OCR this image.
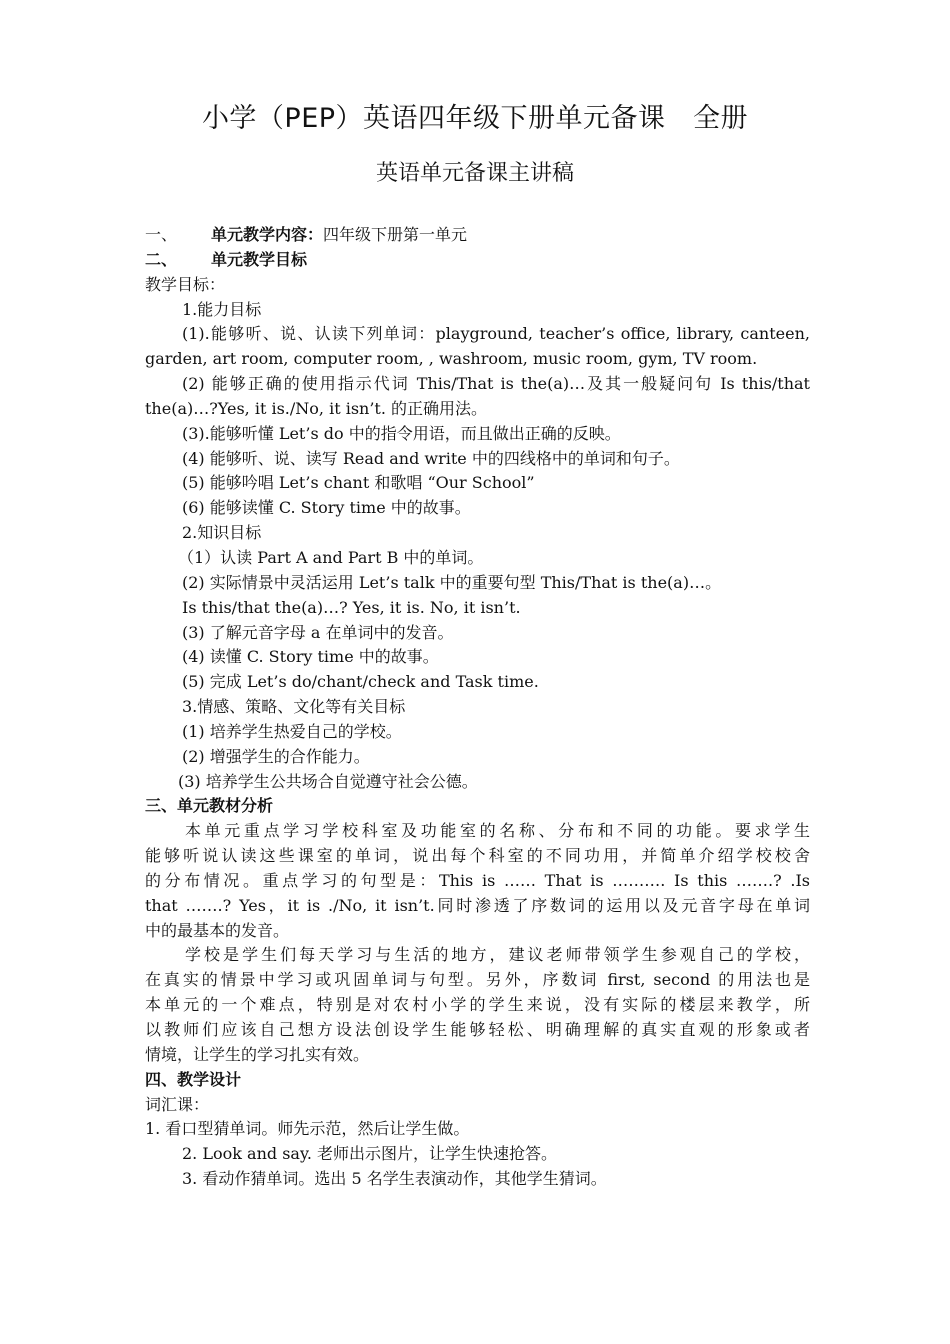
小学（PEP）英语四年级下册单元备课　全册
英语单元备课主讲稿
一、 单元教学内容：四年级下册第一单元
二、 单元教学目标
教学目标：
1.能力目标
(1).能够听、说、认读下列单词：playground, teacher’s office, library, canteen,
garden, art room, computer room, , washroom, music room, gym, TV room.
(2) 能够正确的使用指示代词 This/That is the(a)…及其一般疑问句 Is this/that
the(a)…?Yes, it is./No, it isn’t. 的正确用法。
(3).能够听懂 Let’s do 中的指令用语，而且做出正确的反映。
(4) 能够听、说、读写 Read and write 中的四线格中的单词和句子。
(5) 能够吟唱 Let’s chant 和歌唱 “Our School”
(6) 能够读懂 C. Story time 中的故事。
2.知识目标
（1）认读 Part A and Part B 中的单词。
(2) 实际情景中灵活运用 Let’s talk 中的重要句型 This/That is the(a)…。
Is this/that the(a)…? Yes, it is. No, it isn’t.
(3) 了解元音字母 a 在单词中的发音。
(4) 读懂 C. Story time 中的故事。
(5) 完成 Let’s do/chant/check and Task time.
3.情感、策略、文化等有关目标
(1) 培养学生热爱自己的学校。
(2) 增强学生的合作能力。
(3) 培养学生公共场合自觉遵守社会公德。
三、单元教材分析
本单元重点学习学校科室及功能室的名称、分布和不同的功能。要求学生
能够听说认读这些课室的单词，说出每个科室的不同功用，并简单介绍学校校舍
的分布情况。重点学习的句型是：This is …… That is ………. Is this …….? .Is
that …….? Yes，it is ./No, it isn’t.同时渗透了序数词的运用以及元音字母在单词
中的最基本的发音。
学校是学生们每天学习与生活的地方，建议老师带领学生参观自己的学校，
在真实的情景中学习或巩固单词与句型。另外，序数词 first, second 的用法也是
本单元的一个难点，特别是对农村小学的学生来说，没有实际的楼层来教学，所
以教师们应该自己想方设法创设学生能够轻松、明确理解的真实直观的形象或者
情境，让学生的学习扎实有效。
四、教学设计
词汇课：
1. 看口型猜单词。师先示范，然后让学生做。
2. Look and say. 老师出示图片，让学生快速抢答。
3. 看动作猜单词。选出 5 名学生表演动作，其他学生猜词。
